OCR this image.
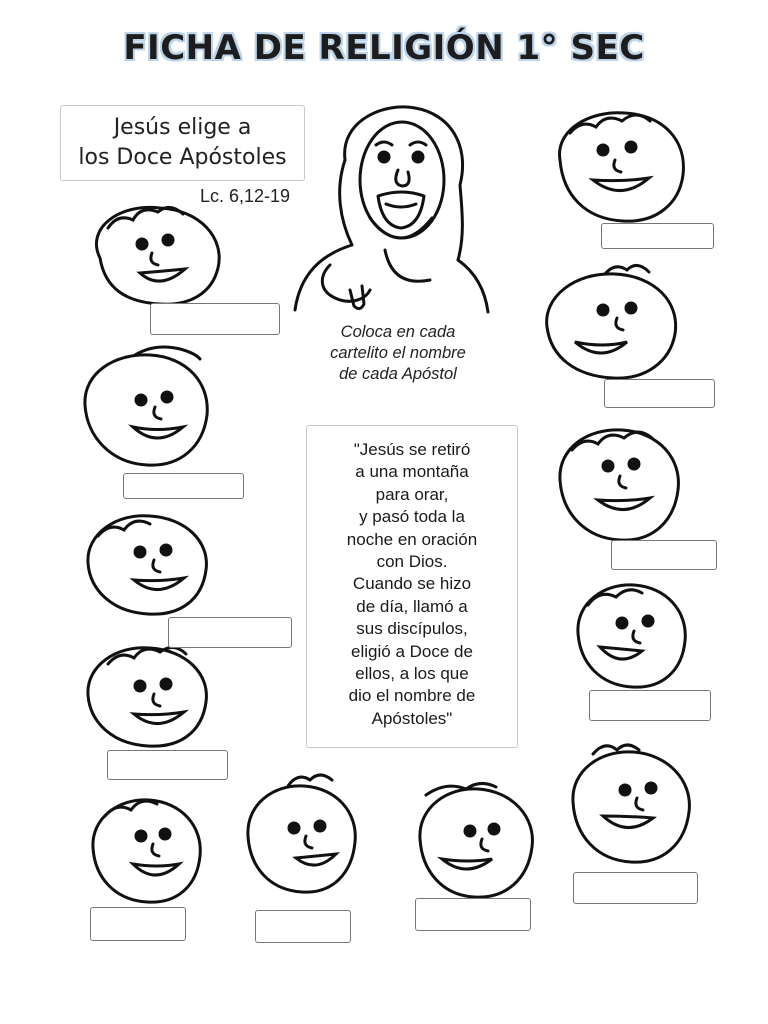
FICHA DE RELIGIÓN 1° SEC
Jesús elige a
los Doce Apóstoles
Lc. 6,12-19
Coloca en cada
cartelito el nombre
de cada Apóstol
"Jesús se retiró
a una montaña
para orar,
y pasó toda la
noche en oración
con Dios.
Cuando se hizo
de día, llamó a
sus discípulos,
eligió a Doce de
ellos, a los que
dio el nombre de
Apóstoles"
